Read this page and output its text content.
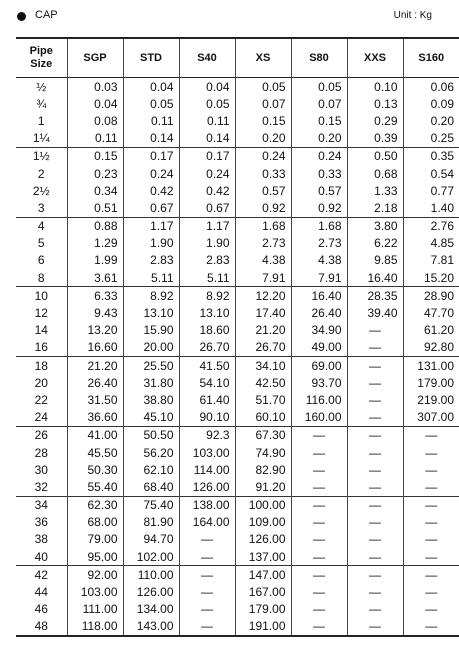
CAP	Unit : Kg
Pipe Size	SGP	STD	S40	XS	S80	XXS	S160
½	0.03	0.04	0.04	0.05	0.05	0.10	0.06
¾	0.04	0.05	0.05	0.07	0.07	0.13	0.09
1	0.08	0.11	0.11	0.15	0.15	0.29	0.20
1¼	0.11	0.14	0.14	0.20	0.20	0.39	0.25
1½	0.15	0.17	0.17	0.24	0.24	0.50	0.35
2	0.23	0.24	0.24	0.33	0.33	0.68	0.54
2½	0.34	0.42	0.42	0.57	0.57	1.33	0.77
3	0.51	0.67	0.67	0.92	0.92	2.18	1.40
4	0.88	1.17	1.17	1.68	1.68	3.80	2.76
5	1.29	1.90	1.90	2.73	2.73	6.22	4.85
6	1.99	2.83	2.83	4.38	4.38	9.85	7.81
8	3.61	5.11	5.11	7.91	7.91	16.40	15.20
10	6.33	8.92	8.92	12.20	16.40	28.35	28.90
12	9.43	13.10	13.10	17.40	26.40	39.40	47.70
14	13.20	15.90	18.60	21.20	34.90	—	61.20
16	16.60	20.00	26.70	26.70	49.00	—	92.80
18	21.20	25.50	41.50	34.10	69.00	—	131.00
20	26.40	31.80	54.10	42.50	93.70	—	179.00
22	31.50	38.80	61.40	51.70	116.00	—	219.00
24	36.60	45.10	90.10	60.10	160.00	—	307.00
26	41.00	50.50	92.3	67.30	—	—	—
28	45.50	56.20	103.00	74.90	—	—	—
30	50.30	62.10	114.00	82.90	—	—	—
32	55.40	68.40	126.00	91.20	—	—	—
34	62.30	75.40	138.00	100.00	—	—	—
36	68.00	81.90	164.00	109.00	—	—	—
38	79.00	94.70	—	126.00	—	—	—
40	95.00	102.00	—	137.00	—	—	—
42	92.00	110.00	—	147.00	—	—	—
44	103.00	126.00	—	167.00	—	—	—
46	111.00	134.00	—	179.00	—	—	—
48	118.00	143.00	—	191.00	—	—	—
